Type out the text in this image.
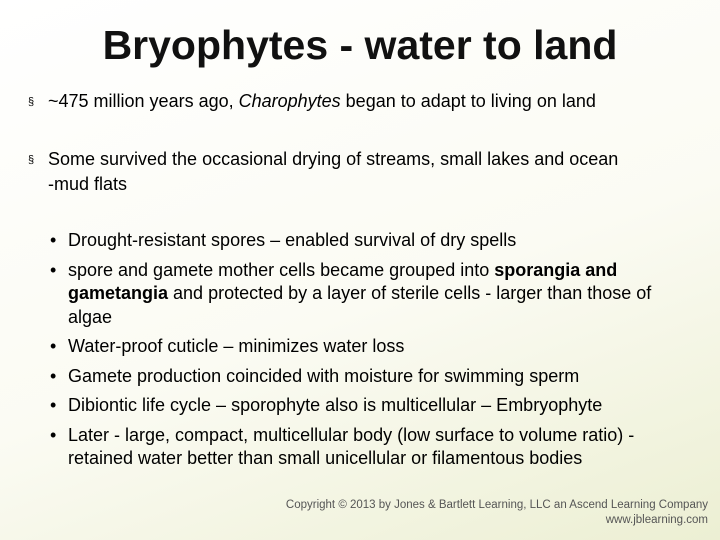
Bryophytes - water to land
§ ~475 million years ago, Charophytes began to adapt to living on land
§ Some survived the occasional drying of streams, small lakes and ocean
-mud flats
• Drought-resistant spores – enabled survival of dry spells
• spore and gamete mother cells became grouped into sporangia and gametangia and protected by a layer of sterile cells - larger than those of algae
• Water-proof cuticle – minimizes water loss
• Gamete production coincided with moisture for swimming sperm
• Dibiontic life cycle – sporophyte also is multicellular – Embryophyte
• Later - large, compact, multicellular body (low surface to volume ratio) - retained water better than small unicellular or filamentous bodies
Copyright © 2013 by Jones & Bartlett Learning, LLC an Ascend Learning Company
www.jblearning.com
